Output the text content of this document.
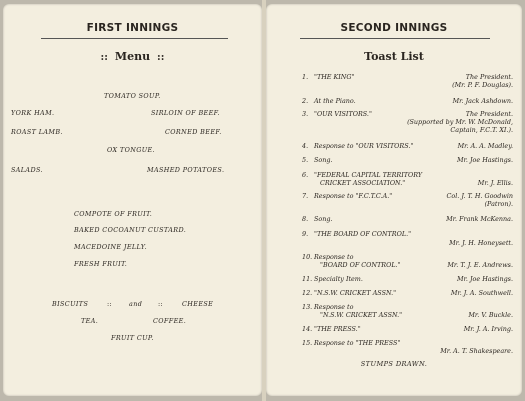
FIRST INNINGS
:: Menu ::
TOMATO SOUP.
YORK HAM.	SIRLOIN OF BEEF.
ROAST LAMB.	CORNED BEEF.
OX TONGUE.
SALADS.	MASHED POTATOES.
COMPOTE OF FRUIT.
BAKED COCOANUT CUSTARD.
MACEDOINE JELLY.
FRESH FRUIT.
BISCUITS	::	and ::	CHEESE
TEA.	COFFEE.
FRUIT CUP.
SECOND INNINGS
Toast List
1. "THE KING"	The President.
(Mr. P. F. Douglas).
2. At the Piano.	Mr. Jack Ashdown.
3. "OUR VISITORS."	The President.
(Supported by Mr. W. McDonald,
Captain, F.C.T. XI.).
4. Response to "OUR VISITORS."	Mr. A. A. Madley.
5. Song.	Mr. Joe Hastings.
6. "FEDERAL CAPITAL TERRITORY
CRICKET ASSOCIATION."	Mr. J. Ellis.
7. Response to "F.C.T.C.A."	Col. J. T. H. Goodwin
(Patron).
8. Song.	Mr. Frank McKenna.
9. "THE BOARD OF CONTROL."
Mr. J. H. Honeysett.
10. Response to
"BOARD OF CONTROL."	Mr. T. J. E. Andrews.
11. Specialty Item.	Mr. Joe Hastings.
12. "N.S.W. CRICKET ASSN."	Mr. J. A. Southwell.
13. Response to
"N.S.W. CRICKET ASSN."	Mr. V. Buckle.
14. "THE PRESS."	Mr. J. A. Irving.
15. Response to "THE PRESS"
Mr. A. T. Shakespeare.
STUMPS DRAWN.
